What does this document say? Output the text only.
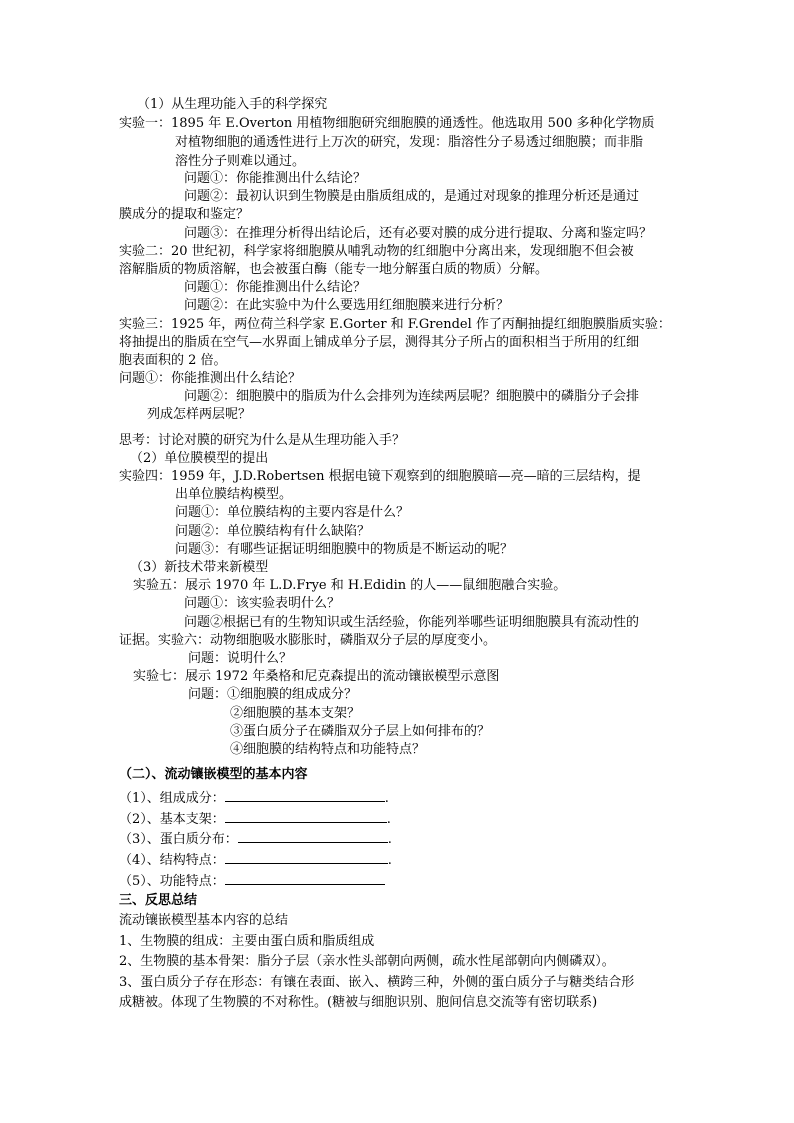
（1）从生理功能入手的科学探究
实验一：1895 年 E.Overton 用植物细胞研究细胞膜的通透性。他选取用 500 多种化学物质
对植物细胞的通透性进行上万次的研究，发现：脂溶性分子易透过细胞膜；而非脂
溶性分子则难以通过。
问题①：你能推测出什么结论？
问题②：最初认识到生物膜是由脂质组成的，是通过对现象的推理分析还是通过
膜成分的提取和鉴定？
问题③：在推理分析得出结论后，还有必要对膜的成分进行提取、分离和鉴定吗？
实验二：20 世纪初，科学家将细胞膜从哺乳动物的红细胞中分离出来，发现细胞不但会被
溶解脂质的物质溶解，也会被蛋白酶（能专一地分解蛋白质的物质）分解。
问题①：你能推测出什么结论？
问题②：在此实验中为什么要选用红细胞膜来进行分析？
实验三：1925 年，两位荷兰科学家 E.Gorter 和 F.Grendel 作了丙酮抽提红细胞膜脂质实验：
将抽提出的脂质在空气—水界面上铺成单分子层，测得其分子所占的面积相当于所用的红细
胞表面积的 2 倍。
问题①：你能推测出什么结论？
问题②：细胞膜中的脂质为什么会排列为连续两层呢？细胞膜中的磷脂分子会排
列成怎样两层呢？
思考：讨论对膜的研究为什么是从生理功能入手？
（2）单位膜模型的提出
实验四：1959 年，J.D.Robertsen 根据电镜下观察到的细胞膜暗—亮—暗的三层结构，提
出单位膜结构模型。
问题①：单位膜结构的主要内容是什么？
问题②：单位膜结构有什么缺陷？
问题③：有哪些证据证明细胞膜中的物质是不断运动的呢？
（3）新技术带来新模型
实验五：展示 1970 年 L.D.Frye 和 H.Edidin 的人——鼠细胞融合实验。
问题①：该实验表明什么？
问题②根据已有的生物知识或生活经验，你能列举哪些证明细胞膜具有流动性的
证据。实验六：动物细胞吸水膨胀时，磷脂双分子层的厚度变小。
问题：说明什么？
实验七：展示 1972 年桑格和尼克森提出的流动镶嵌模型示意图
问题：①细胞膜的组成成分？
②细胞膜的基本支架？
③蛋白质分子在磷脂双分子层上如何排布的？
④细胞膜的结构特点和功能特点？
（二）、流动镶嵌模型的基本内容
（1）、组成成分：	.
（2）、基本支架：	.
（3）、蛋白质分布：	.
（4）、结构特点：	.
（5）、功能特点：
三、反思总结
流动镶嵌模型基本内容的总结
1、生物膜的组成：主要由蛋白质和脂质组成
2、生物膜的基本骨架：脂分子层（亲水性头部朝向两侧，疏水性尾部朝向内侧磷双）。
3、蛋白质分子存在形态：有镶在表面、嵌入、横跨三种，外侧的蛋白质分子与糖类结合形
成糖被。体现了生物膜的不对称性。(糖被与细胞识别、胞间信息交流等有密切联系)
